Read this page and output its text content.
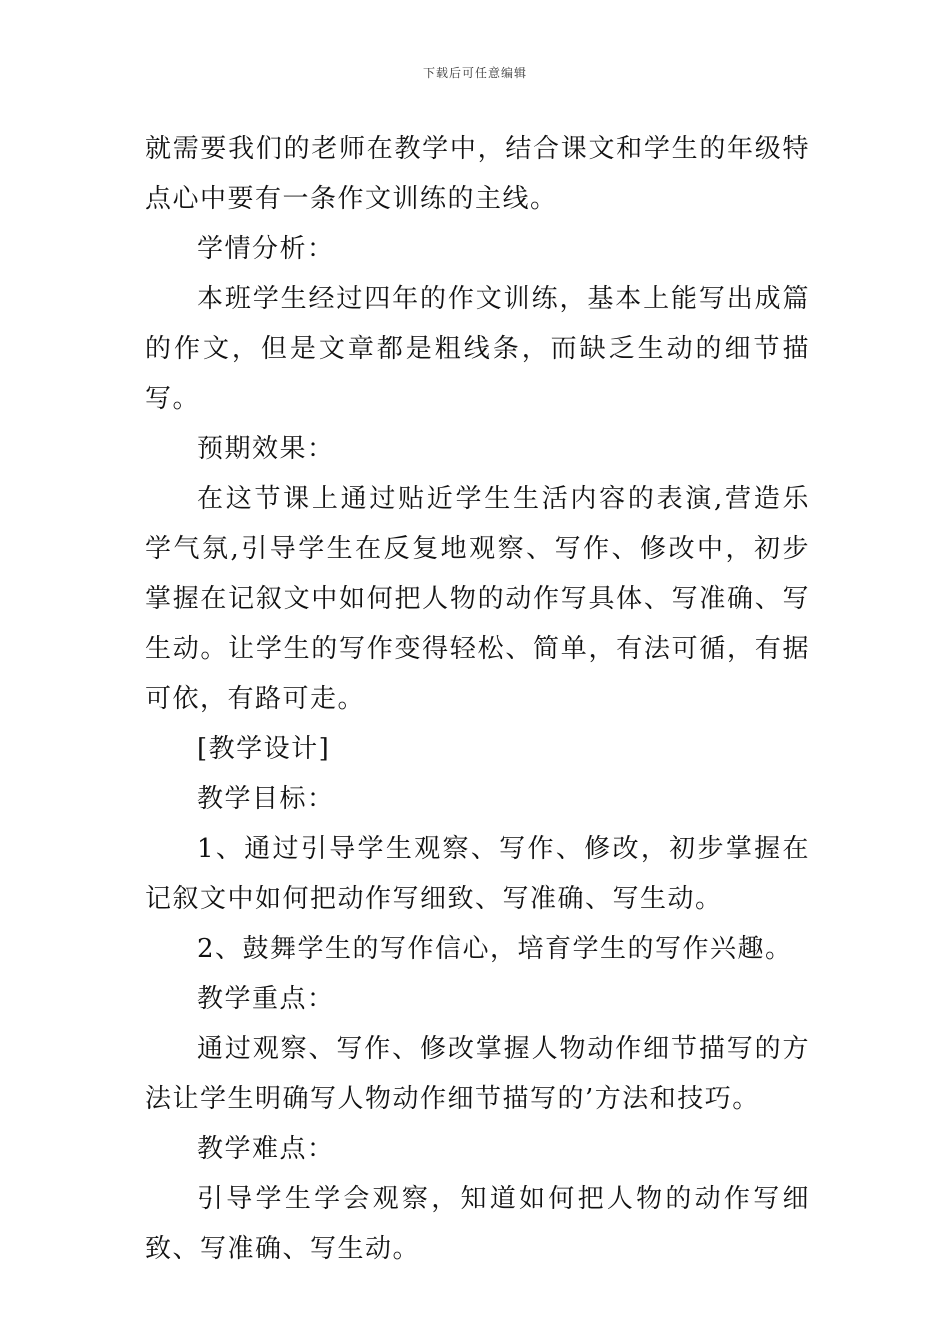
下载后可任意编辑

就需要我们的老师在教学中，结合课文和学生的年级特点心中要有一条作文训练的主线。

学情分析：

本班学生经过四年的作文训练，基本上能写出成篇的作文，但是文章都是粗线条，而缺乏生动的细节描写。

预期效果：

在这节课上通过贴近学生生活内容的表演,营造乐学气氛,引导学生在反复地观察、写作、修改中，初步掌握在记叙文中如何把人物的动作写具体、写准确、写生动。让学生的写作变得轻松、简单，有法可循，有据可依，有路可走。

[教学设计]

教学目标：

1、通过引导学生观察、写作、修改，初步掌握在记叙文中如何把动作写细致、写准确、写生动。

2、鼓舞学生的写作信心，培育学生的写作兴趣。

教学重点：

通过观察、写作、修改掌握人物动作细节描写的方法让学生明确写人物动作细节描写的’方法和技巧。

教学难点：

引导学生学会观察，知道如何把人物的动作写细致、写准确、写生动。
